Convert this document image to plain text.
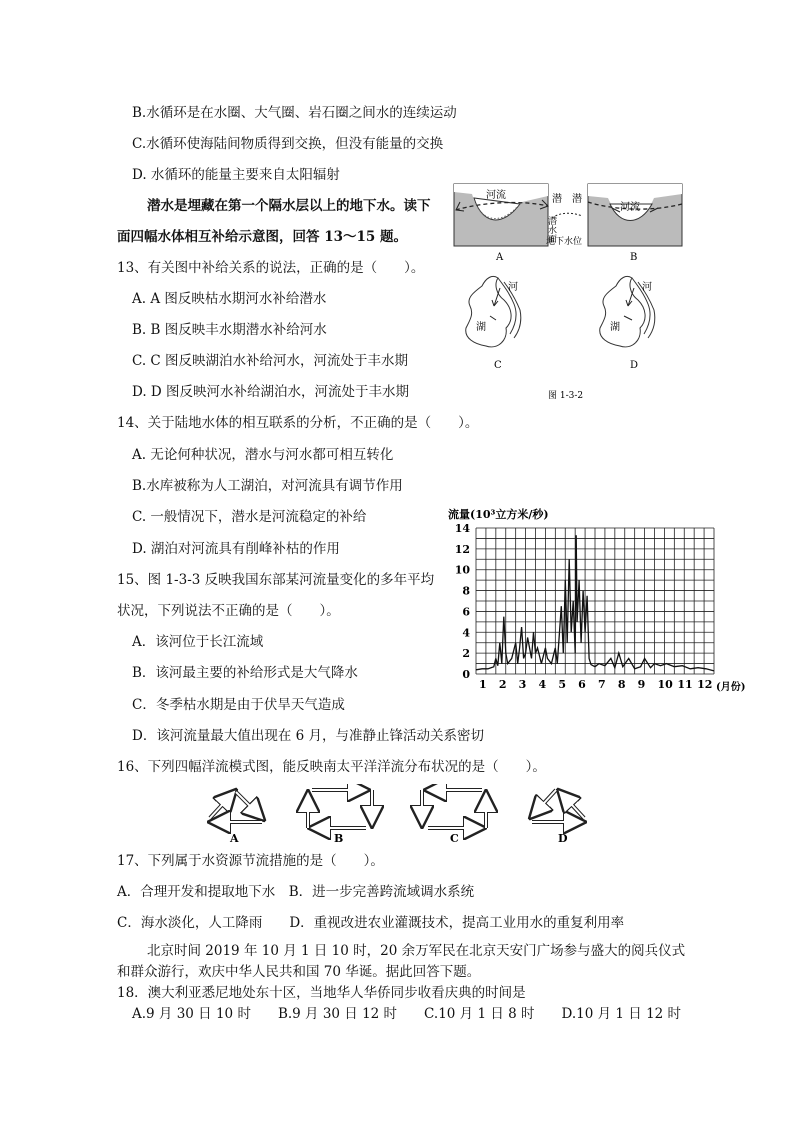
B.水循环是在水圈、大气圈、岩石圈之间水的连续运动
C.水循环使海陆间物质得到交换，但没有能量的交换
D. 水循环的能量主要来自太阳辐射
潜水是埋藏在第一个隔水层以上的地下水。读下
面四幅水体相互补给示意图，回答 13～15 题。
13、有关图中补给关系的说法，正确的是（　　）。
A. A 图反映枯水期河水补给潜水
B. B 图反映丰水期潜水补给河水
C. C 图反映湖泊水补给河水，河流处于丰水期
D. D 图反映河水补给湖泊水，河流处于丰水期
14、关于陆地水体的相互联系的分析，不正确的是（　　）。
A. 无论何种状况，潜水与河水都可相互转化
B.水库被称为人工湖泊，对河流具有调节作用
C. 一般情况下，潜水是河流稳定的补给
D. 湖泊对河流具有削峰补枯的作用
15、图 1-3-3 反映我国东部某河流量变化的多年平均
状况，下列说法不正确的是（　　）。
A．该河位于长江流域
B．该河最主要的补给形式是大气降水
C．冬季枯水期是由于伏旱天气造成
D．该河流量最大值出现在 6 月，与准静止锋活动关系密切
16、下列四幅洋流模式图，能反映南太平洋洋流分布状况的是（　　）。
17、下列属于水资源节流措施的是（　　）。
A．合理开发和提取地下水　B．进一步完善跨流域调水系统
C．海水淡化，人工降雨　　D．重视改进农业灌溉技术，提高工业用水的重复利用率
北京时间 2019 年 10 月 1 日 10 时，20 余万军民在北京天安门广场参与盛大的阅兵仪式
和群众游行，欢庆中华人民共和国 70 华诞。据此回答下题。
18．澳大利亚悉尼地处东十区，当地华人华侨同步收看庆典的时间是
A.9 月 30 日 10 时　　B.9 月 30 日 12 时　　C.10 月 1 日 8 时　　D.10 月 1 日 12 时
河流
河流
潜 潜
潜水面
地下水位
A	B
河
湖
C
河
湖
D
图 1-3-2
流量(10³立方米/秒)
0
2
4
6
8
10
12
14
1 2 3 4 5 6 7 8 9 10 11 12 (月份)
A	B	C	D
